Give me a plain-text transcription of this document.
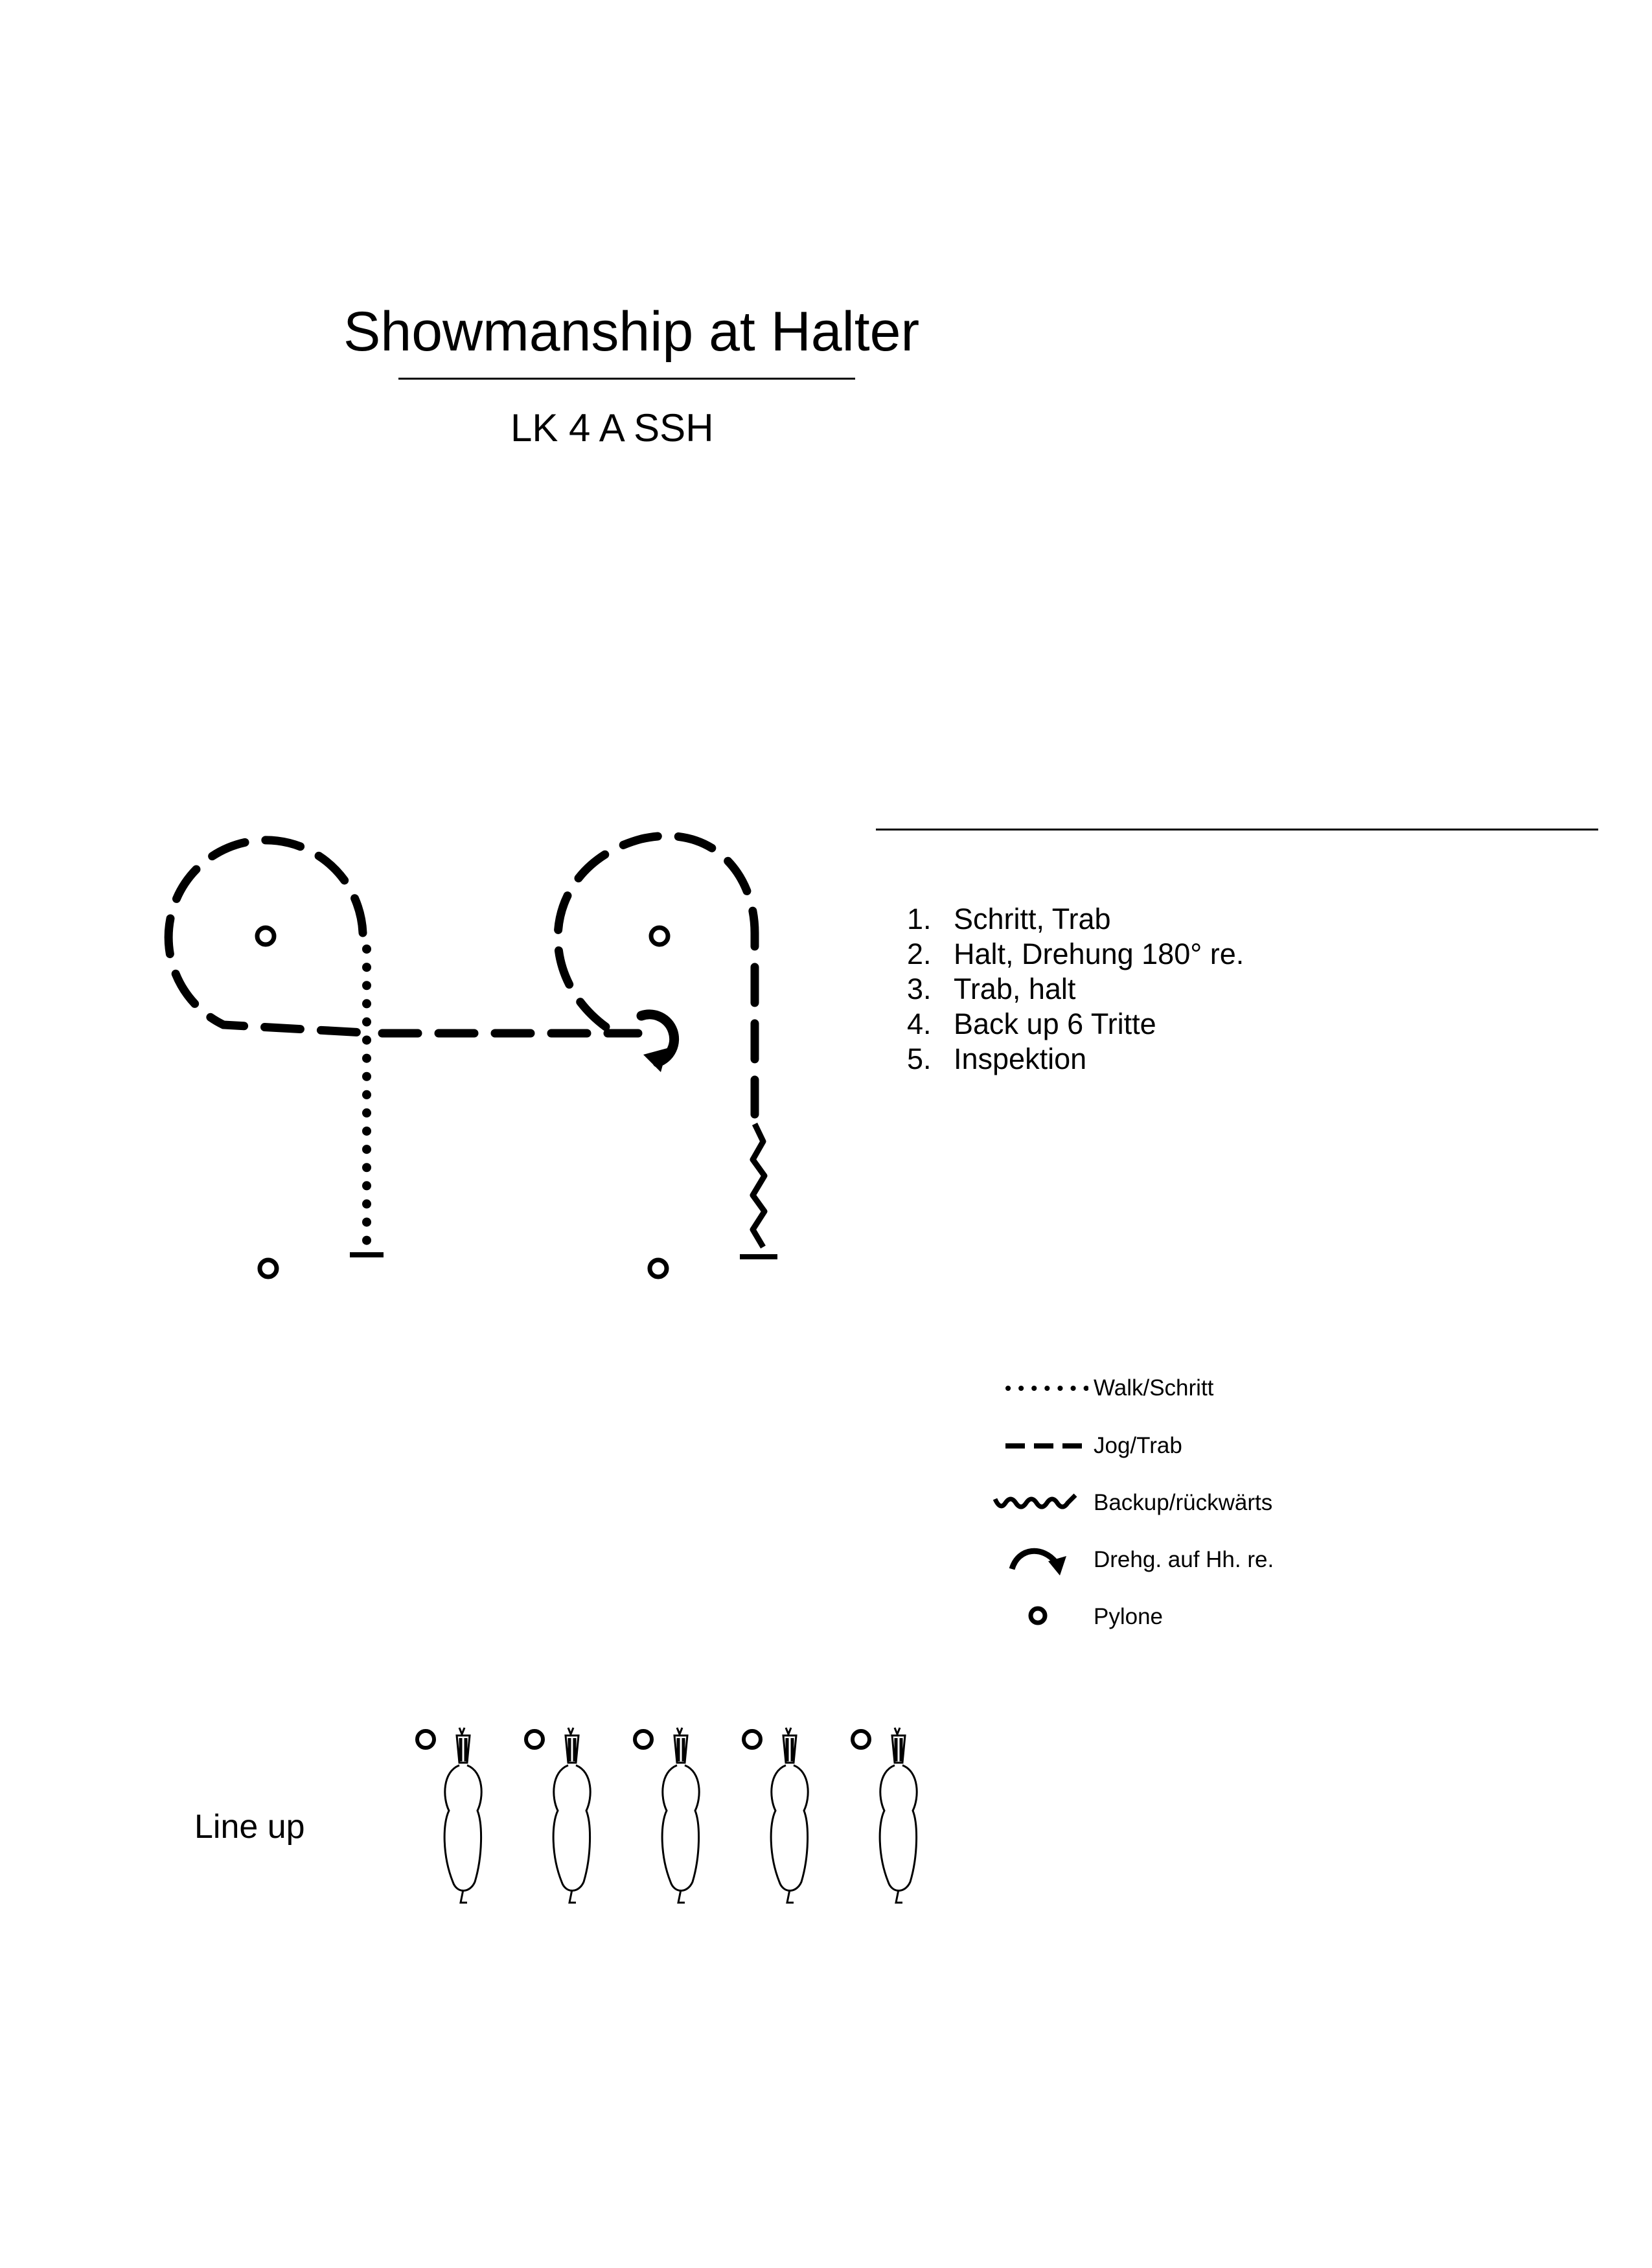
Showmanship at Halter
LK 4 A SSH
1. Schritt, Trab
2. Halt, Drehung 180° re.
3. Trab, halt
4. Back up 6 Tritte
5. Inspektion
Walk/Schritt
Jog/Trab
Backup/rückwärts
Drehg. auf Hh. re.
Pylone
Line up
